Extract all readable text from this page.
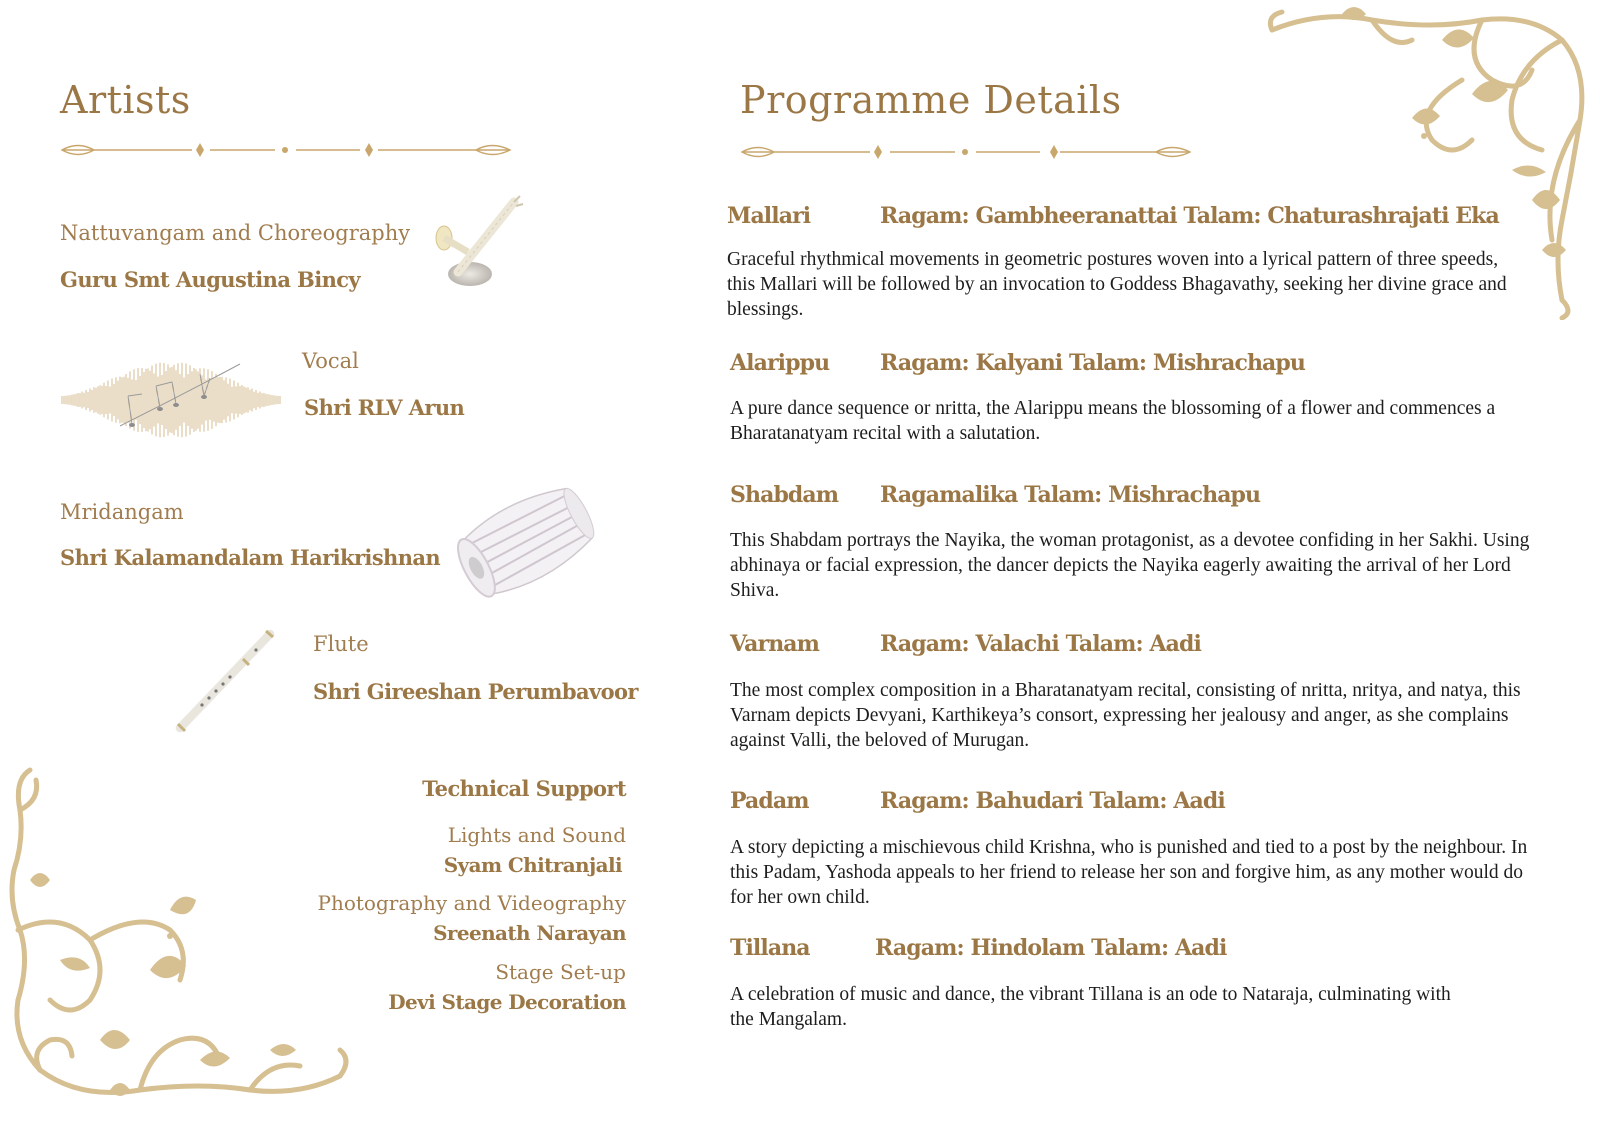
Artists
Nattuvangam and Choreography
Guru Smt Augustina Bincy
Vocal
Shri RLV Arun
Mridangam
Shri Kalamandalam Harikrishnan
Flute
Shri Gireeshan Perumbavoor
Technical Support
Lights and Sound
Syam Chitranjali
Photography and Videography
Sreenath Narayan
Stage Set-up
Devi Stage Decoration
Programme Details
Mallari	Ragam: Gambheeranattai Talam: Chaturashrajati Eka

Graceful rhythmical movements in geometric postures woven into a lyrical pattern of three speeds, this Mallari will be followed by an invocation to Goddess Bhagavathy, seeking her divine grace and blessings.

Alarippu Ragam: Kalyani Talam: Mishrachapu

A pure dance sequence or nritta, the Alarippu means the blossoming of a flower and commences a Bharatanatyam recital with a salutation.

Shabdam Ragamalika Talam: Mishrachapu

This Shabdam portrays the Nayika, the woman protagonist, as a devotee confiding in her Sakhi. Using abhinaya or facial expression, the dancer depicts the Nayika eagerly awaiting the arrival of her Lord Shiva.

Varnam	Ragam: Valachi Talam: Aadi

The most complex composition in a Bharatanatyam recital, consisting of nritta, nritya, and natya, this Varnam depicts Devyani, Karthikeya’s consort, expressing her jealousy and anger, as she complains against Valli, the beloved of Murugan.

Padam	Ragam: Bahudari Talam: Aadi

A story depicting a mischievous child Krishna, who is punished and tied to a post by the neighbour. In this Padam, Yashoda appeals to her friend to release her son and forgive him, as any mother would do for her own child.

Tillana	Ragam: Hindolam Talam: Aadi

A celebration of music and dance, the vibrant Tillana is an ode to Nataraja, culminating with the Mangalam.
